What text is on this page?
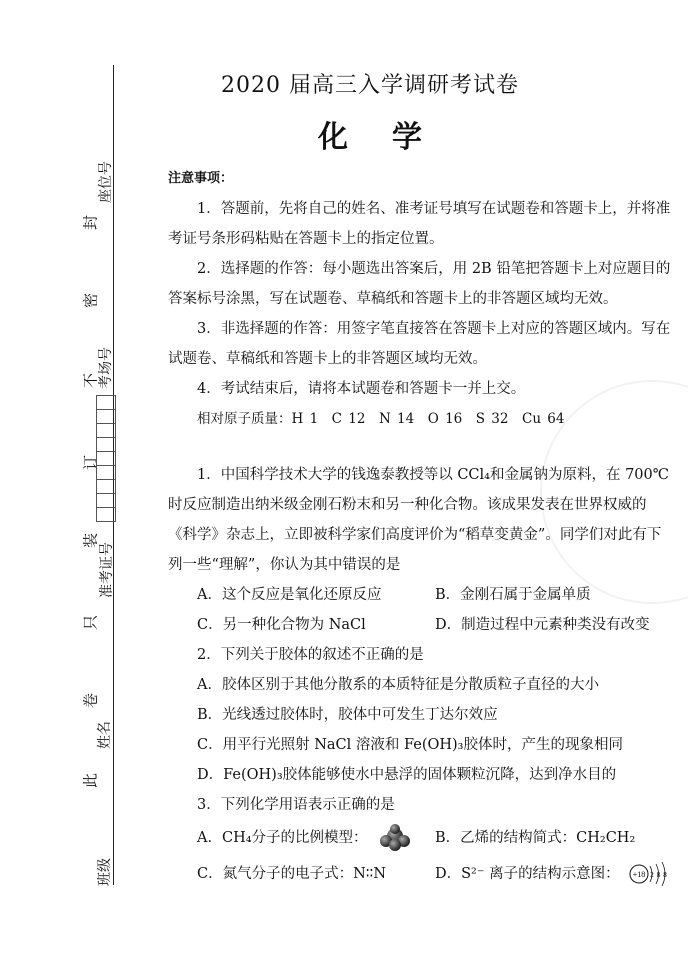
封
密
不
订
装
只
卷
此
座位号
考场号
准考证号
姓名
班级
2020 届高三入学调研考试卷
化 学
注意事项：
1．答题前，先将自己的姓名、准考证号填写在试题卷和答题卡上，并将准考证号条形码粘贴在答题卡上的指定位置。
2．选择题的作答：每小题选出答案后，用 2B 铅笔把答题卡上对应题目的答案标号涂黑，写在试题卷、草稿纸和答题卡上的非答题区域均无效。
3．非选择题的作答：用签字笔直接答在答题卡上对应的答题区域内。写在试题卷、草稿纸和答题卡上的非答题区域均无效。
4．考试结束后，请将本试题卷和答题卡一并上交。
相对原子质量：H 1　C 12　N 14　O 16　S 32　Cu 64
1．中国科学技术大学的钱逸泰教授等以 CCl₄和金属钠为原料，在 700℃时反应制造出纳米级金刚石粉末和另一种化合物。该成果发表在世界权威的《科学》杂志上，立即被科学家们高度评价为“稻草变黄金”。同学们对此有下列一些“理解”，你认为其中错误的是
A．这个反应是氧化还原反应	B．金刚石属于金属单质
C．另一种化合物为 NaCl	D．制造过程中元素种类没有改变
2．下列关于胶体的叙述不正确的是
A．胶体区别于其他分散系的本质特征是分散质粒子直径的大小
B．光线透过胶体时，胶体中可发生丁达尔效应
C．用平行光照射 NaCl 溶液和 Fe(OH)₃胶体时，产生的现象相同
D．Fe(OH)₃胶体能够使水中悬浮的固体颗粒沉降，达到净水目的
3．下列化学用语表示正确的是
A．CH₄分子的比例模型：	B．乙烯的结构简式：CH₂CH₂
C．氮气分子的电子式：N∶∶N	D．S²⁻ 离子的结构示意图： +18 2 8 8
